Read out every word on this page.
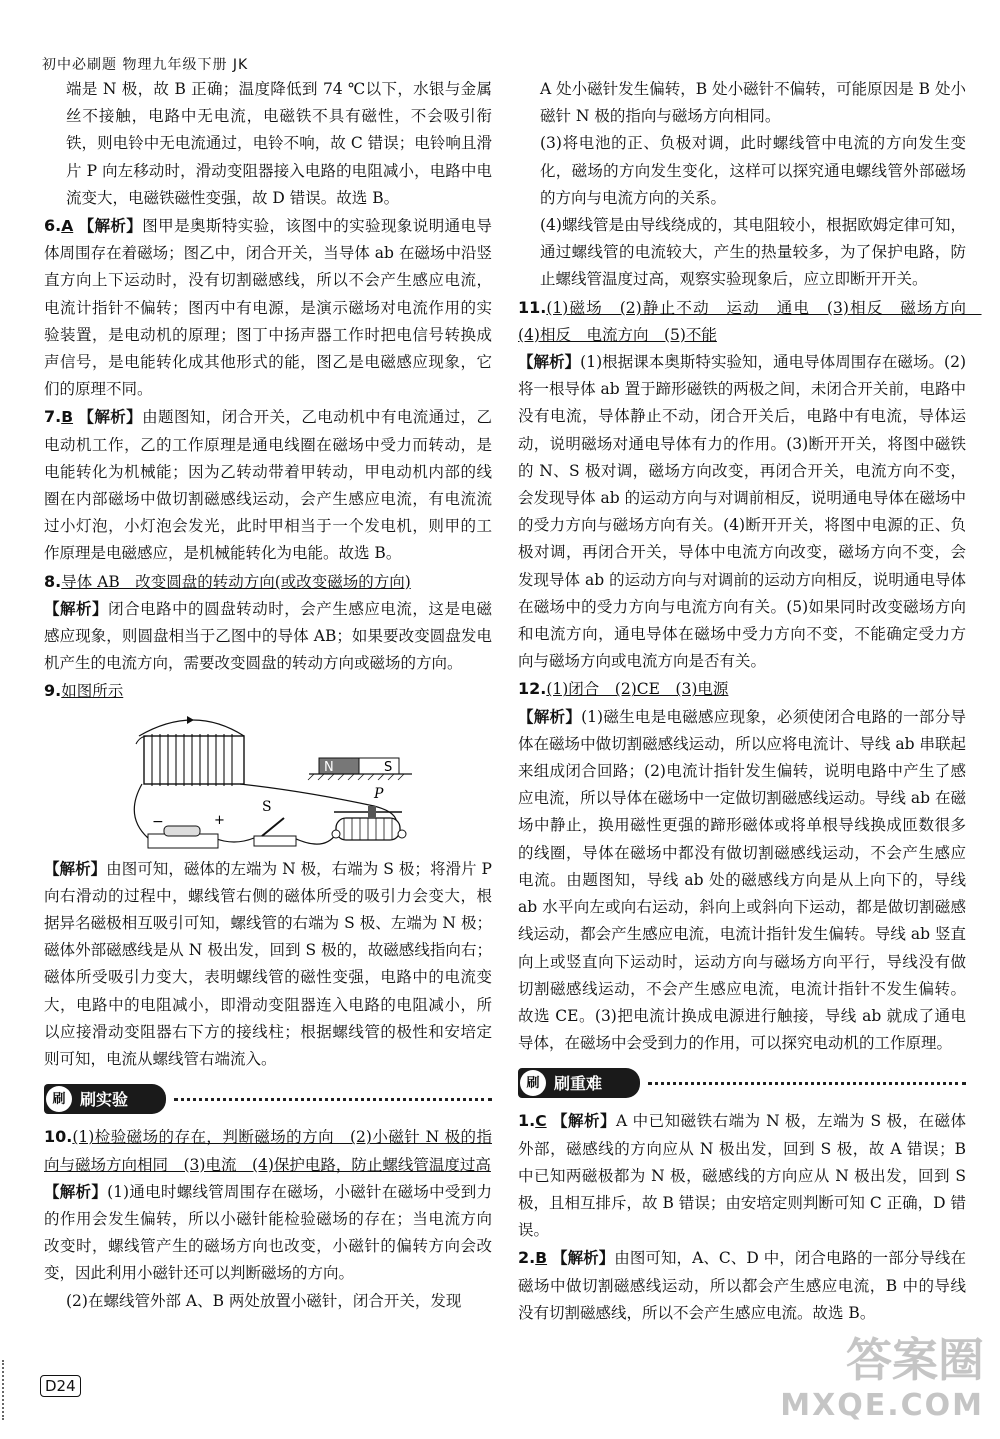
初中必刷题 物理九年级下册 JK

端是 N 极，故 B 正确；温度降低到 74 ℃以下，水银与金属丝不接触，电路中无电流，电磁铁不具有磁性，不会吸引衔铁，则电铃中无电流通过，电铃不响，故 C 错误；电铃响且滑片 P 向左移动时，滑动变阻器接入电路的电阻减小，电路中电流变大，电磁铁磁性变强，故 D 错误。故选 B。

6.A 【解析】图甲是奥斯特实验，该图中的实验现象说明通电导体周围存在着磁场；图乙中，闭合开关，当导体 ab 在磁场中沿竖直方向上下运动时，没有切割磁感线，所以不会产生感应电流，电流计指针不偏转；图丙中有电源，是演示磁场对电流作用的实验装置，是电动机的原理；图丁中扬声器工作时把电信号转换成声信号，是电能转化成其他形式的能，图乙是电磁感应现象，它们的原理不同。

7.B 【解析】由题图知，闭合开关，乙电动机中有电流通过，乙电动机工作，乙的工作原理是通电线圈在磁场中受力而转动，是电能转化为机械能；因为乙转动带着甲转动，甲电动机内部的线圈在内部磁场中做切割磁感线运动，会产生感应电流，有电流流过小灯泡，小灯泡会发光，此时甲相当于一个发电机，则甲的工作原理是电磁感应，是机械能转化为电能。故选 B。

8.导体 AB　改变圆盘的转动方向(或改变磁场的方向)
【解析】闭合电路中的圆盘转动时，会产生感应电流，这是电磁感应现象，则圆盘相当于乙图中的导体 AB；如果要改变圆盘发电机产生的电流方向，需要改变圆盘的转动方向或磁场的方向。

9.如图所示

N	S
−	+
S
P

【解析】由图可知，磁体的左端为 N 极，右端为 S 极；将滑片 P 向右滑动的过程中，螺线管右侧的磁体所受的吸引力会变大，根据异名磁极相互吸引可知，螺线管的右端为 S 极、左端为 N 极；磁体外部磁感线是从 N 极出发，回到 S 极的，故磁感线指向右；磁体所受吸引力变大，表明螺线管的磁性变强，电路中的电流变大，电路中的电阻减小，即滑动变阻器连入电路的电阻减小，所以应接滑动变阻器右下方的接线柱；根据螺线管的极性和安培定则可知，电流从螺线管右端流入。

刷 刷实验

10.(1)检验磁场的存在，判断磁场的方向　(2)小磁针 N 极的指向与磁场方向相同　(3)电流　(4)保护电路，防止螺线管温度过高
【解析】(1)通电时螺线管周围存在磁场，小磁针在磁场中受到力的作用会发生偏转，所以小磁针能检验磁场的存在；当电流方向改变时，螺线管产生的磁场方向也改变，小磁针的偏转方向会改变，因此利用小磁针还可以判断磁场的方向。

(2)在螺线管外部 A、B 两处放置小磁针，闭合开关，发现

A 处小磁针发生偏转，B 处小磁针不偏转，可能原因是 B 处小磁针 N 极的指向与磁场方向相同。

(3)将电池的正、负极对调，此时螺线管中电流的方向发生变化，磁场的方向发生变化，这样可以探究通电螺线管外部磁场的方向与电流方向的关系。

(4)螺线管是由导线绕成的，其电阻较小，根据欧姆定律可知，通过螺线管的电流较大，产生的热量较多，为了保护电路，防止螺线管温度过高，观察实验现象后，应立即断开开关。

11.(1)磁场　(2)静止不动　运动　通电　(3)相反　磁场方向　(4)相反　电流方向　(5)不能
【解析】(1)根据课本奥斯特实验知，通电导体周围存在磁场。(2)将一根导体 ab 置于蹄形磁铁的两极之间，未闭合开关前，电路中没有电流，导体静止不动，闭合开关后，电路中有电流，导体运动，说明磁场对通电导体有力的作用。(3)断开开关，将图中磁铁的 N、S 极对调，磁场方向改变，再闭合开关，电流方向不变，会发现导体 ab 的运动方向与对调前相反，说明通电导体在磁场中的受力方向与磁场方向有关。(4)断开开关，将图中电源的正、负极对调，再闭合开关，导体中电流方向改变，磁场方向不变，会发现导体 ab 的运动方向与对调前的运动方向相反，说明通电导体在磁场中的受力方向与电流方向有关。(5)如果同时改变磁场方向和电流方向，通电导体在磁场中受力方向不变，不能确定受力方向与磁场方向或电流方向是否有关。

12.(1)闭合　(2)CE　(3)电源
【解析】(1)磁生电是电磁感应现象，必须使闭合电路的一部分导体在磁场中做切割磁感线运动，所以应将电流计、导线 ab 串联起来组成闭合回路；(2)电流计指针发生偏转，说明电路中产生了感应电流，所以导体在磁场中一定做切割磁感线运动。导线 ab 在磁场中静止，换用磁性更强的蹄形磁体或将单根导线换成匝数很多的线圈，导体在磁场中都没有做切割磁感线运动，不会产生感应电流。由题图知，导线 ab 处的磁感线方向是从上向下的，导线 ab 水平向左或向右运动，斜向上或斜向下运动，都是做切割磁感线运动，都会产生感应电流，电流计指针发生偏转。导线 ab 竖直向上或竖直向下运动时，运动方向与磁场方向平行，导线没有做切割磁感线运动，不会产生感应电流，电流计指针不发生偏转。故选 CE。(3)把电流计换成电源进行触接，导线 ab 就成了通电导体，在磁场中会受到力的作用，可以探究电动机的工作原理。

刷 刷重难

1.C 【解析】A 中已知磁铁右端为 N 极，左端为 S 极，在磁体外部，磁感线的方向应从 N 极出发，回到 S 极，故 A 错误；B 中已知两磁极都为 N 极，磁感线的方向应从 N 极出发，回到 S 极，且相互排斥，故 B 错误；由安培定则判断可知 C 正确，D 错误。

2.B 【解析】由图可知，A、C、D 中，闭合电路的一部分导线在磁场中做切割磁感线运动，所以都会产生感应电流，B 中的导线没有切割磁感线，所以不会产生感应电流。故选 B。

D24	答案圈
MXQE.COM
